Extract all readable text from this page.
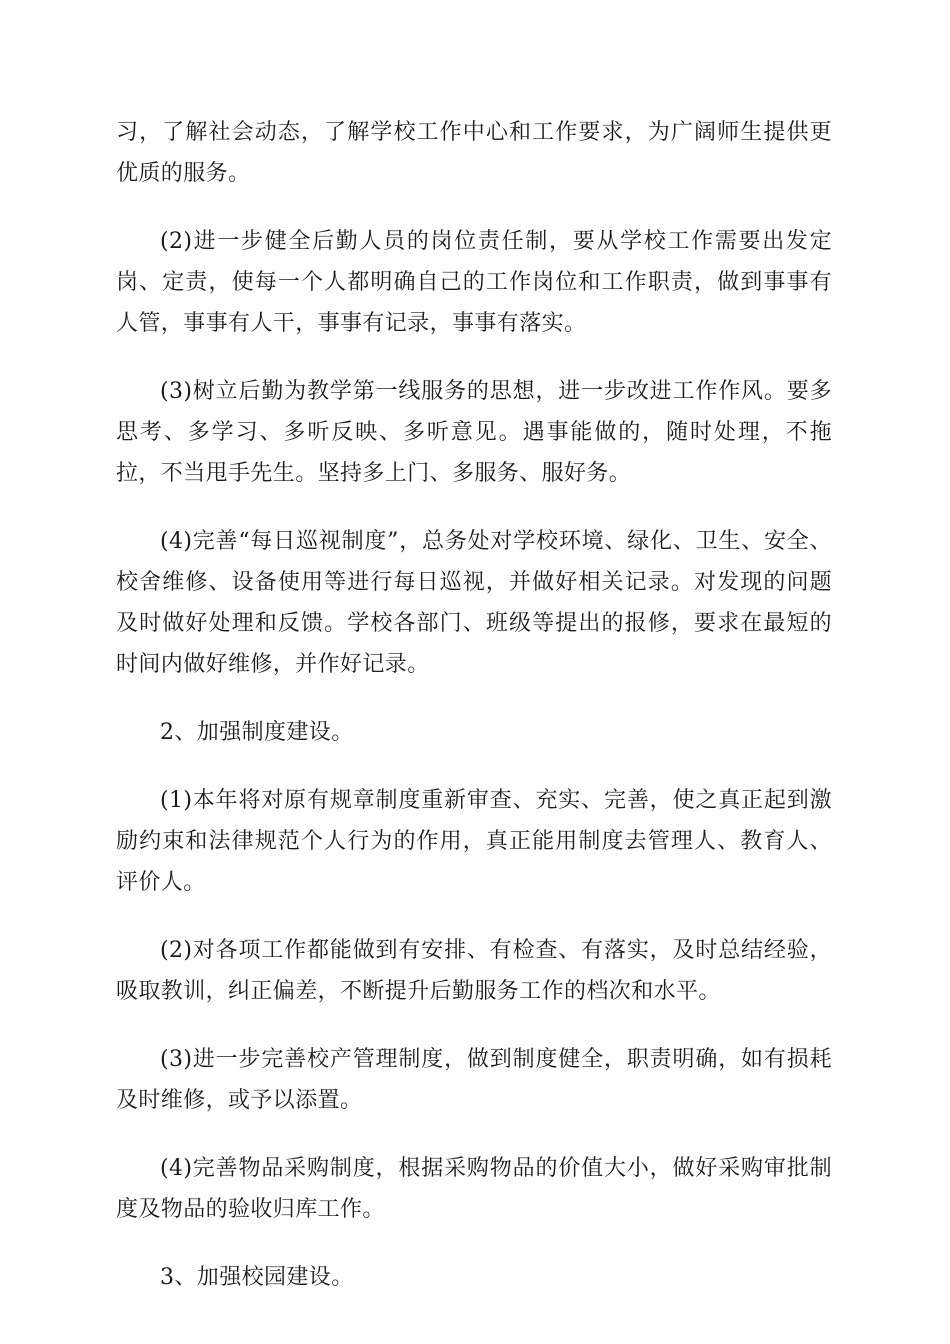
习，了解社会动态，了解学校工作中心和工作要求，为广阔师生提供更优质的服务。

(2)进一步健全后勤人员的岗位责任制，要从学校工作需要出发定岗、定责，使每一个人都明确自己的工作岗位和工作职责，做到事事有人管，事事有人干，事事有记录，事事有落实。

(3)树立后勤为教学第一线服务的思想，进一步改进工作作风。要多思考、多学习、多听反映、多听意见。遇事能做的，随时处理，不拖拉，不当甩手先生。坚持多上门、多服务、服好务。

(4)完善“每日巡视制度”，总务处对学校环境、绿化、卫生、安全、校舍维修、设备使用等进行每日巡视，并做好相关记录。对发现的问题及时做好处理和反馈。学校各部门、班级等提出的报修，要求在最短的时间内做好维修，并作好记录。

2、加强制度建设。

(1)本年将对原有规章制度重新审查、充实、完善，使之真正起到激励约束和法律规范个人行为的作用，真正能用制度去管理人、教育人、评价人。

(2)对各项工作都能做到有安排、有检查、有落实，及时总结经验，吸取教训，纠正偏差，不断提升后勤服务工作的档次和水平。

(3)进一步完善校产管理制度，做到制度健全，职责明确，如有损耗及时维修，或予以添置。

(4)完善物品采购制度，根据采购物品的价值大小，做好采购审批制度及物品的验收归库工作。

3、加强校园建设。
